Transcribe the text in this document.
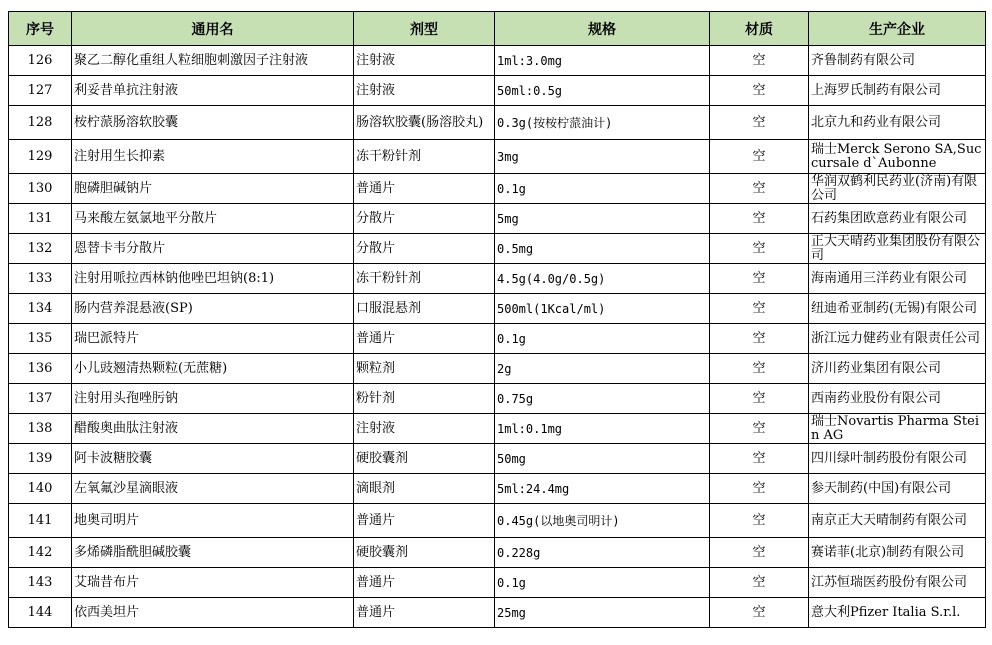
序号	通用名	剂型	规格	材质	生产企业
126	聚乙二醇化重组人粒细胞刺激因子注射液	注射液	1ml:3.0mg	空	齐鲁制药有限公司
127	利妥昔单抗注射液	注射液	50ml:0.5g	空	上海罗氏制药有限公司
128	桉柠蒎肠溶软胶囊	肠溶软胶囊(肠溶胶丸)	0.3g(按桉柠蒎油计)	空	北京九和药业有限公司
129	注射用生长抑素	冻干粉针剂	3mg	空	瑞士Merck Serono SA,Succursale d`Aubonne
130	胞磷胆碱钠片	普通片	0.1g	空	华润双鹤利民药业(济南)有限公司
131	马来酸左氨氯地平分散片	分散片	5mg	空	石药集团欧意药业有限公司
132	恩替卡韦分散片	分散片	0.5mg	空	正大天晴药业集团股份有限公司
133	注射用哌拉西林钠他唑巴坦钠(8:1)	冻干粉针剂	4.5g(4.0g/0.5g)	空	海南通用三洋药业有限公司
134	肠内营养混悬液(SP)	口服混悬剂	500ml(1Kcal/ml)	空	纽迪希亚制药(无锡)有限公司
135	瑞巴派特片	普通片	0.1g	空	浙江远力健药业有限责任公司
136	小儿豉翘清热颗粒(无蔗糖)	颗粒剂	2g	空	济川药业集团有限公司
137	注射用头孢唑肟钠	粉针剂	0.75g	空	西南药业股份有限公司
138	醋酸奥曲肽注射液	注射液	1ml:0.1mg	空	瑞士Novartis Pharma Stein AG
139	阿卡波糖胶囊	硬胶囊剂	50mg	空	四川绿叶制药股份有限公司
140	左氧氟沙星滴眼液	滴眼剂	5ml:24.4mg	空	参天制药(中国)有限公司
141	地奥司明片	普通片	0.45g(以地奥司明计)	空	南京正大天晴制药有限公司
142	多烯磷脂酰胆碱胶囊	硬胶囊剂	0.228g	空	赛诺菲(北京)制药有限公司
143	艾瑞昔布片	普通片	0.1g	空	江苏恒瑞医药股份有限公司
144	依西美坦片	普通片	25mg	空	意大利Pfizer Italia S.r.l.
